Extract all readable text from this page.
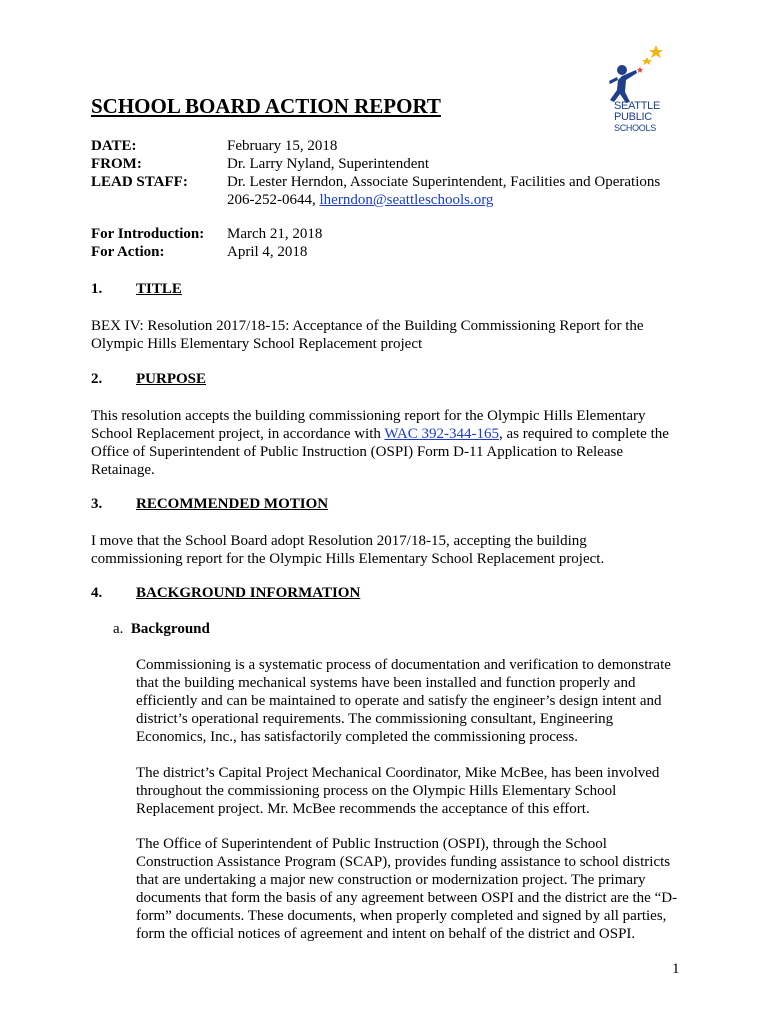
SEATTLE
PUBLIC
SCHOOLS
SCHOOL BOARD ACTION REPORT
DATE:	February 15, 2018
FROM:	Dr. Larry Nyland, Superintendent
LEAD STAFF:	Dr. Lester Herndon, Associate Superintendent, Facilities and Operations
206-252-0644, lherndon@seattleschools.org
For Introduction:	March 21, 2018
For Action:	April 4, 2018
1. TITLE
BEX IV: Resolution 2017/18-15: Acceptance of the Building Commissioning Report for the Olympic Hills Elementary School Replacement project
2. PURPOSE
This resolution accepts the building commissioning report for the Olympic Hills Elementary School Replacement project, in accordance with WAC 392-344-165, as required to complete the Office of Superintendent of Public Instruction (OSPI) Form D-11 Application to Release Retainage.
3. RECOMMENDED MOTION
I move that the School Board adopt Resolution 2017/18-15, accepting the building commissioning report for the Olympic Hills Elementary School Replacement project.
4. BACKGROUND INFORMATION
a. Background
Commissioning is a systematic process of documentation and verification to demonstrate that the building mechanical systems have been installed and function properly and efficiently and can be maintained to operate and satisfy the engineer’s design intent and district’s operational requirements. The commissioning consultant, Engineering Economics, Inc., has satisfactorily completed the commissioning process.
The district’s Capital Project Mechanical Coordinator, Mike McBee, has been involved throughout the commissioning process on the Olympic Hills Elementary School Replacement project. Mr. McBee recommends the acceptance of this effort.
The Office of Superintendent of Public Instruction (OSPI), through the School Construction Assistance Program (SCAP), provides funding assistance to school districts that are undertaking a major new construction or modernization project. The primary documents that form the basis of any agreement between OSPI and the district are the “D-form” documents. These documents, when properly completed and signed by all parties, form the official notices of agreement and intent on behalf of the district and OSPI.
1
